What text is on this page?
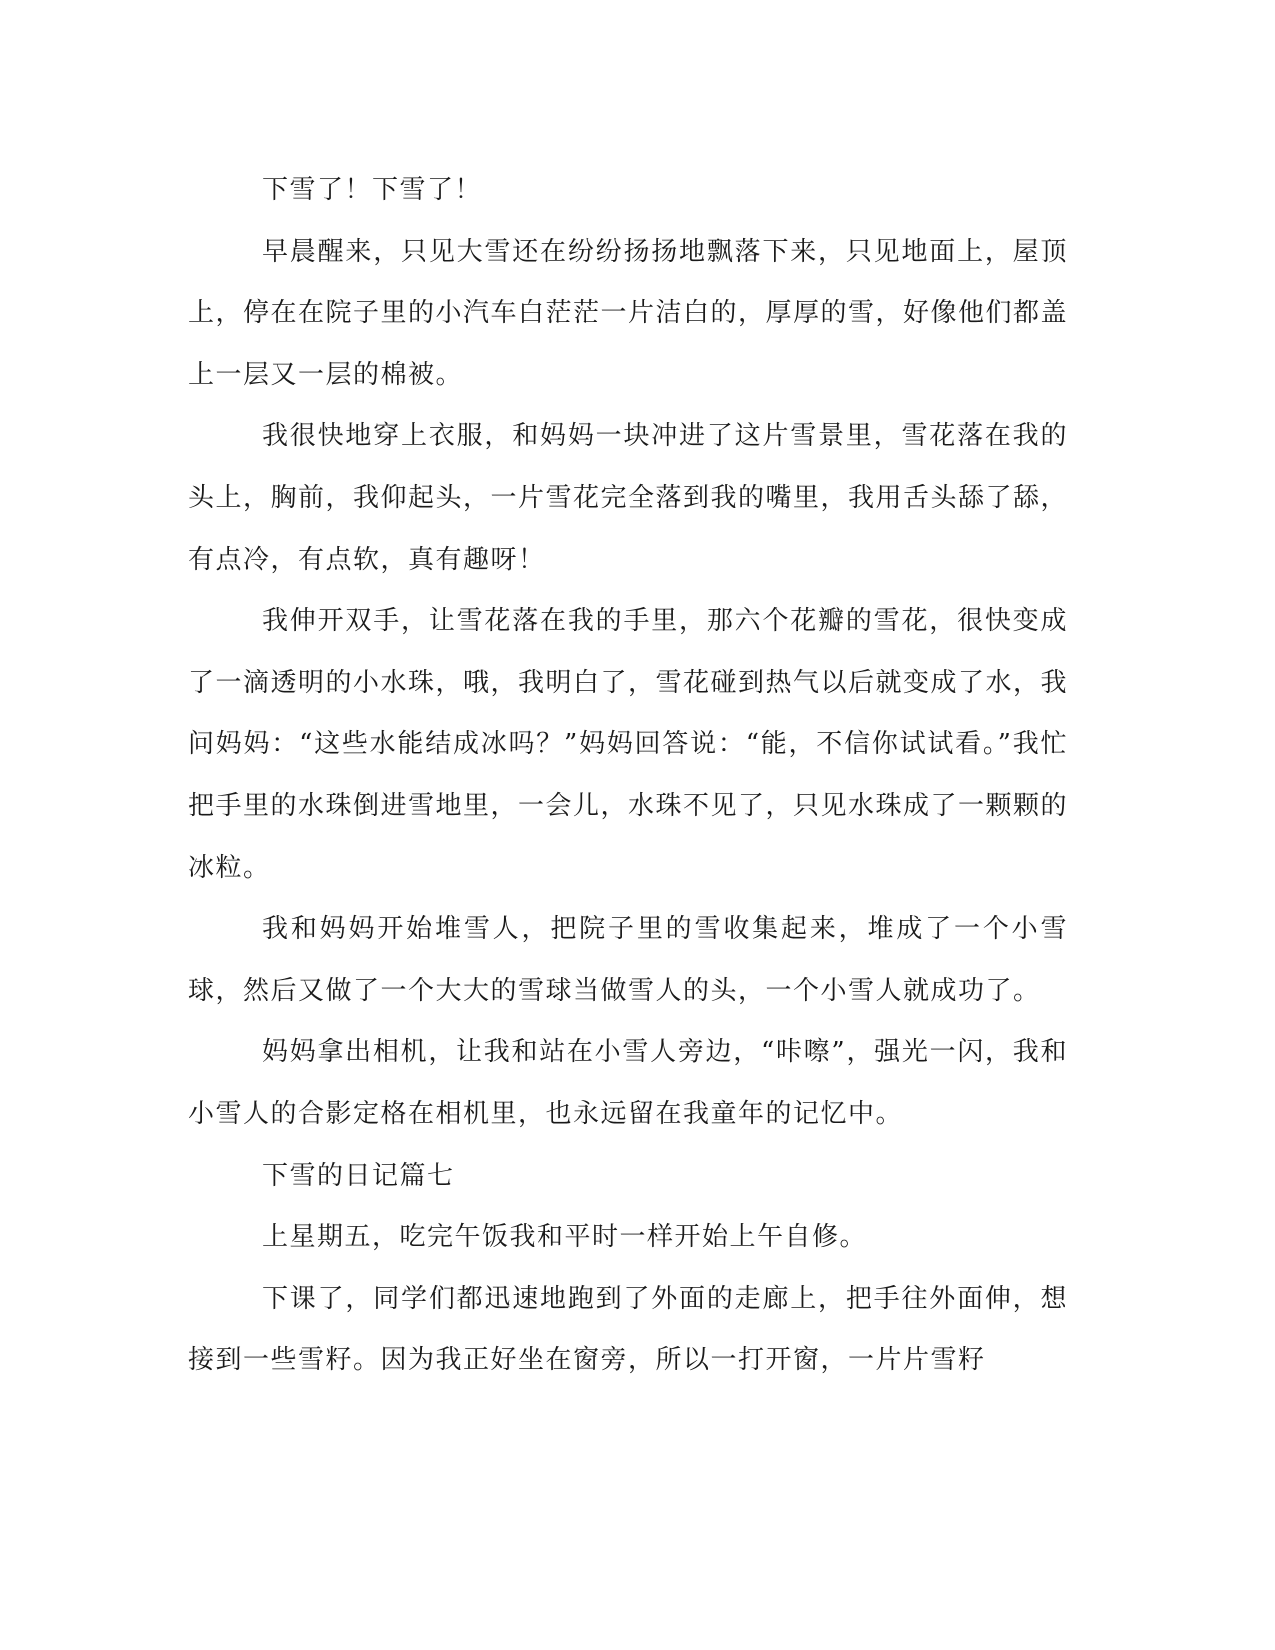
下雪了！下雪了！

早晨醒来，只见大雪还在纷纷扬扬地飘落下来，只见地面上，屋顶上，停在在院子里的小汽车白茫茫一片洁白的，厚厚的雪，好像他们都盖上一层又一层的棉被。

我很快地穿上衣服，和妈妈一块冲进了这片雪景里，雪花落在我的头上，胸前，我仰起头，一片雪花完全落到我的嘴里，我用舌头舔了舔，有点冷，有点软，真有趣呀！

我伸开双手，让雪花落在我的手里，那六个花瓣的雪花，很快变成了一滴透明的小水珠，哦，我明白了，雪花碰到热气以后就变成了水，我问妈妈：“这些水能结成冰吗？”妈妈回答说：“能，不信你试试看。”我忙把手里的水珠倒进雪地里，一会儿，水珠不见了，只见水珠成了一颗颗的冰粒。

我和妈妈开始堆雪人，把院子里的雪收集起来，堆成了一个小雪球，然后又做了一个大大的雪球当做雪人的头，一个小雪人就成功了。

妈妈拿出相机，让我和站在小雪人旁边，“咔嚓”，强光一闪，我和小雪人的合影定格在相机里，也永远留在我童年的记忆中。

下雪的日记篇七

上星期五，吃完午饭我和平时一样开始上午自修。

下课了，同学们都迅速地跑到了外面的走廊上，把手往外面伸，想接到一些雪籽。因为我正好坐在窗旁，所以一打开窗，一片片雪籽
